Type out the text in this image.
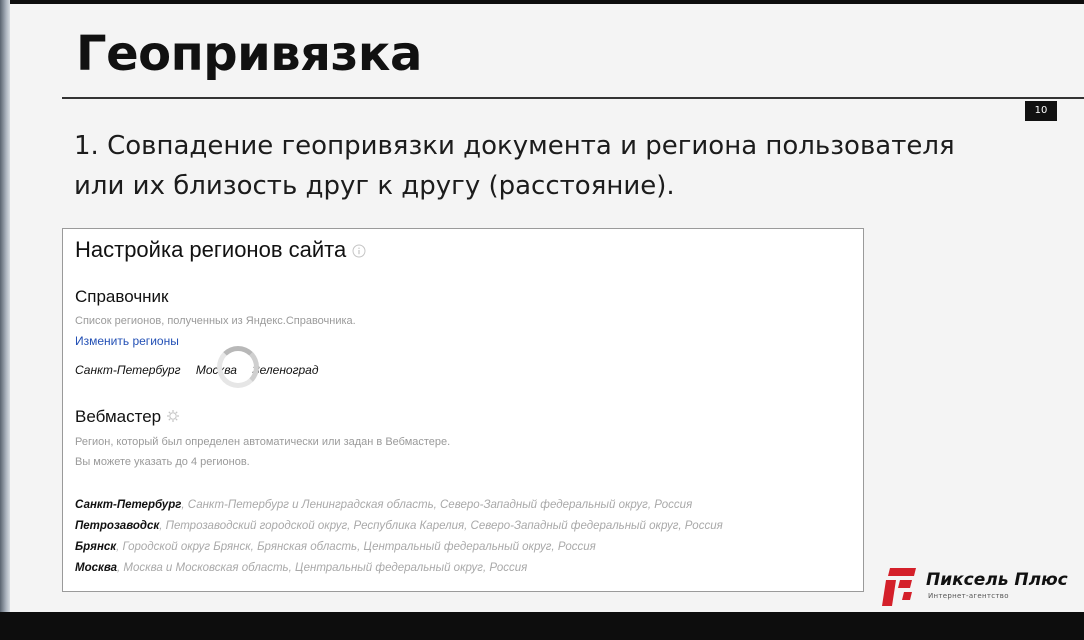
Геопривязка
10

1. Совпадение геопривязки документа и региона пользователя
или их близость друг к другу (расстояние).

Настройка регионов сайта
Справочник
Список регионов, полученных из Яндекс.Справочника.
Изменить регионы
Санкт-Петербург Москва Зеленоград
Вебмастер
Регион, который был определен автоматически или задан в Вебмастере.
Вы можете указать до 4 регионов.
Санкт-Петербург, Санкт-Петербург и Ленинградская область, Северо-Западный федеральный округ, Россия
Петрозаводск, Петрозаводский городской округ, Республика Карелия, Северо-Западный федеральный округ, Россия
Брянск, Городской округ Брянск, Брянская область, Центральный федеральный округ, Россия
Москва, Москва и Московская область, Центральный федеральный округ, Россия
Пиксель Плюс
Интернет-агентство
